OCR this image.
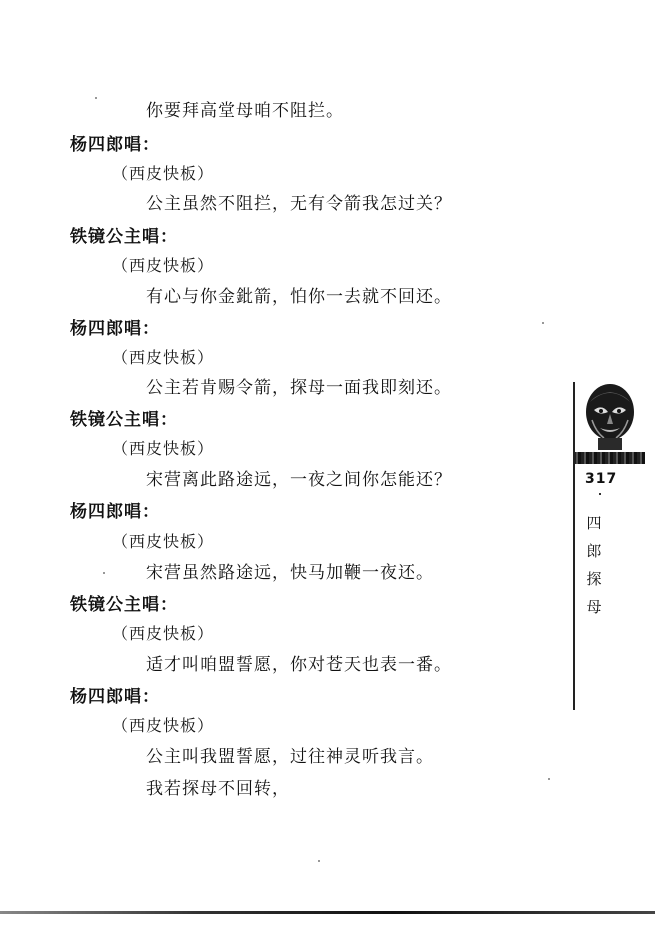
你要拜高堂母咱不阻拦。
杨四郎唱：
（西皮快板）
公主虽然不阻拦，无有令箭我怎过关？
铁镜公主唱：
（西皮快板）
有心与你金鈚箭，怕你一去就不回还。
杨四郎唱：
（西皮快板）
公主若肯赐令箭，探母一面我即刻还。
铁镜公主唱：
（西皮快板）
宋营离此路途远，一夜之间你怎能还？
杨四郎唱：
（西皮快板）
宋营虽然路途远，快马加鞭一夜还。
铁镜公主唱：
（西皮快板）
适才叫咱盟誓愿，你对苍天也表一番。
杨四郎唱：
（西皮快板）
公主叫我盟誓愿，过往神灵听我言。
我若探母不回转，
317
四
郎
探
母
